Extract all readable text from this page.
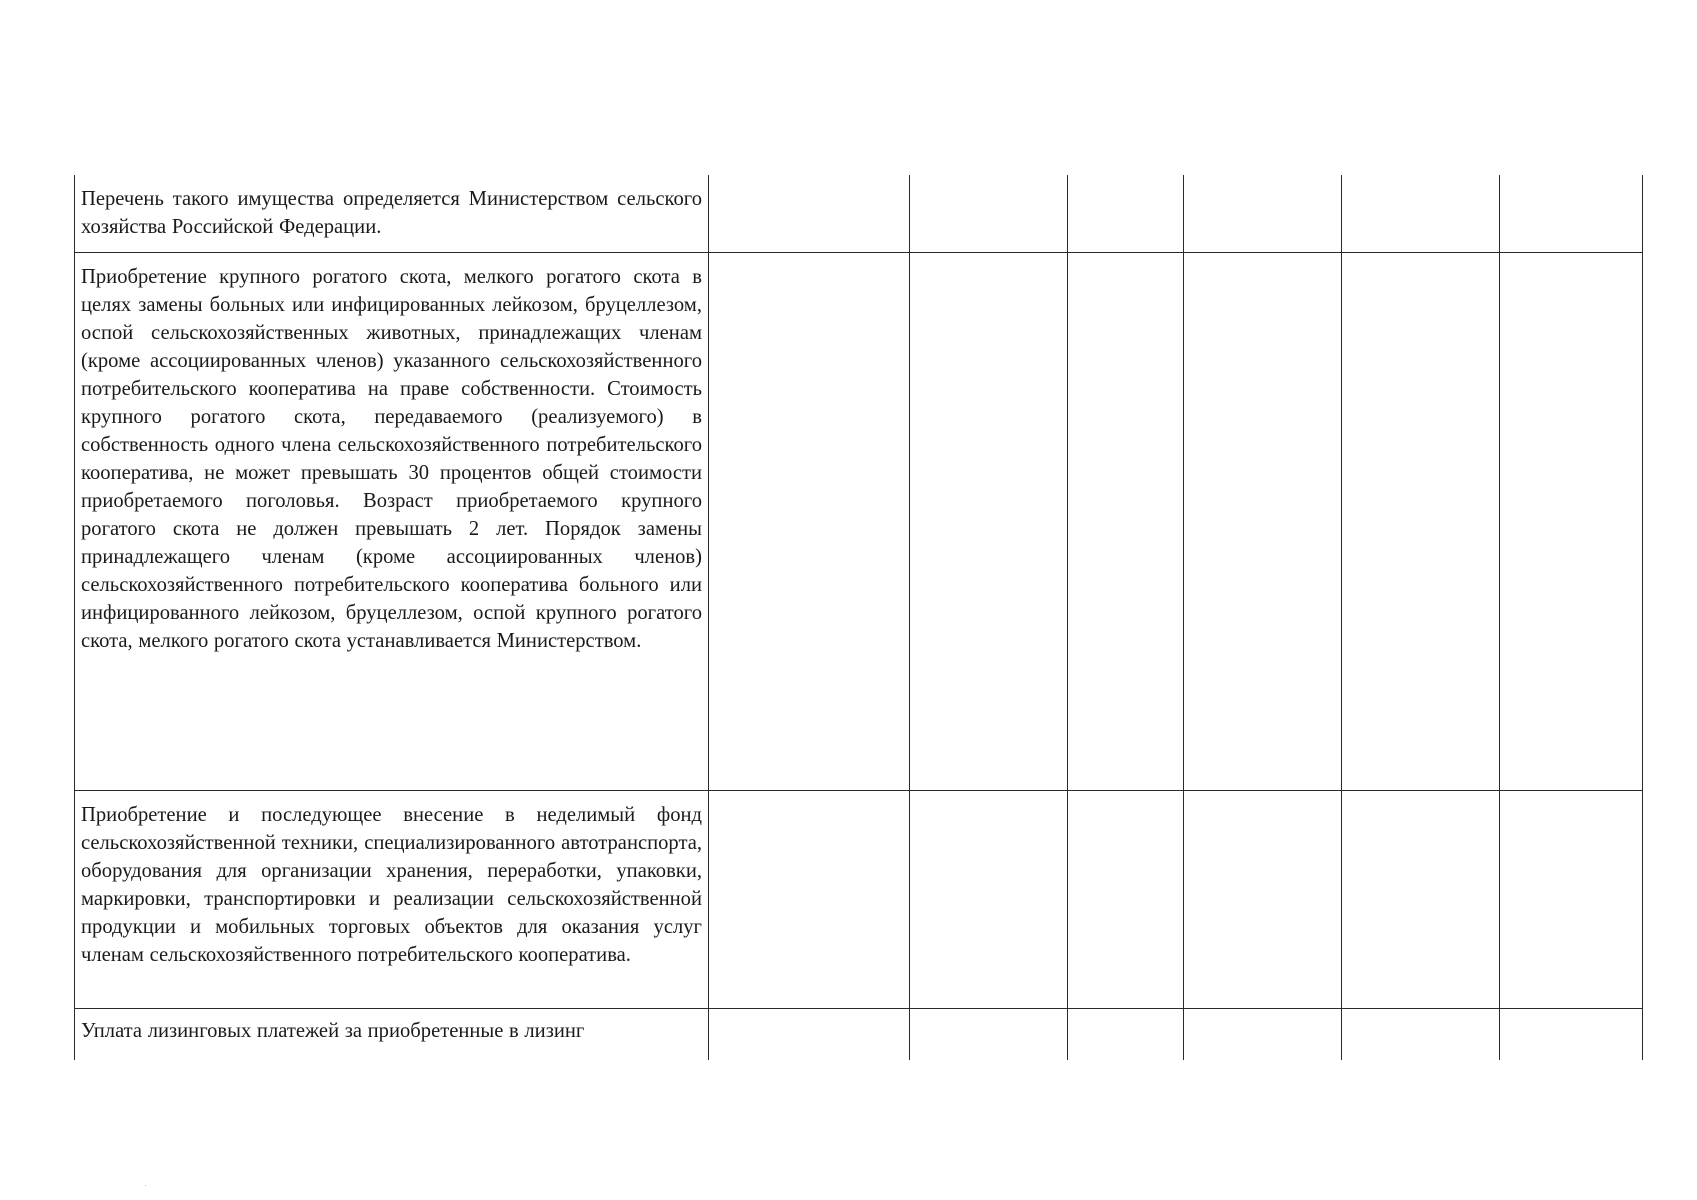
Перечень такого имущества определяется Министерством сельского хозяйства Российской Федерации.						

Приобретение крупного рогатого скота, мелкого рогатого скота в целях замены больных или инфицированных лейкозом, бруцеллезом, оспой сельскохозяйственных животных, принадлежащих членам (кроме ассоциированных членов) указанного сельскохозяйственного потребительского кооператива на праве собственности. Стоимость крупного рогатого скота, передаваемого (реализуемого) в собственность одного члена сельскохозяйственного потребительского кооператива, не может превышать 30 процентов общей стоимости приобретаемого поголовья. Возраст приобретаемого крупного рогатого скота не должен превышать 2 лет. Порядок замены принадлежащего членам (кроме ассоциированных членов) сельскохозяйственного потребительского кооператива больного или инфицированного лейкозом, бруцеллезом, оспой крупного рогатого скота, мелкого рогатого скота устанавливается Министерством.						

Приобретение и последующее внесение в неделимый фонд сельскохозяйственной техники, специализированного автотранспорта, оборудования для организации хранения, переработки, упаковки, маркировки, транспортировки и реализации сельскохозяйственной продукции и мобильных торговых объектов для оказания услуг членам сельскохозяйственного потребительского кооператива.						

Уплата лизинговых платежей за приобретенные в лизинг						
